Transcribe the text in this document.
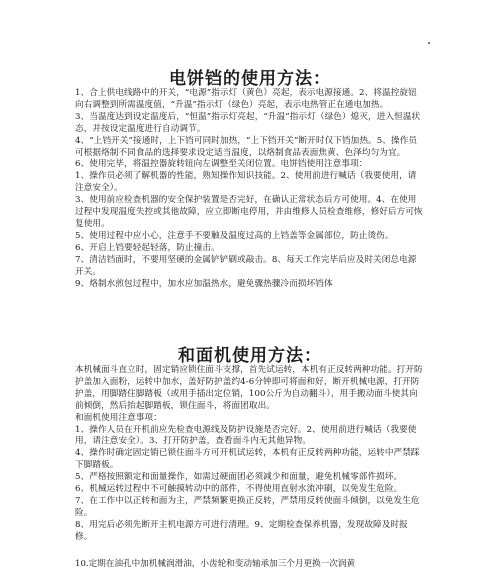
电饼铛的使用方法：

1、合上供电线路中的开关，“电源”指示灯（黄色）亮起，表示电源接通。2、将温控旋钮向右调整到所需温度值，“升温”指示灯（绿色）亮起，表示电热管正在通电加热。

3、当温度达到设定温度后，“恒温”指示灯亮起，“升温”指示灯（绿色）熄灭，进入恒温状态，并按设定温度进行自动调节。

4、“上铛开关”接通时，上下铛可同时加热，“上下铛开关”断开时仅下铛加热。5、操作员可根据烙制不同食品的选择要求设定适当温度，以烙制食品表面焦黄、色泽均匀为宜。

6、使用完毕，将温控器旋转钮向左调整至关闭位置。电饼铛使用注意事项：

1、操作员必须了解机器的性能，熟知操作知识技能。2、使用前进行喊话（我要使用，请注意安全）。

3、使用前应检查机器的安全保护装置是否完好，在确认正常状态后方可使用。4、在使用过程中发现温度失控或其他故障，应立即断电停用，并由维修人员检查维修，修好后方可恢复使用。

5、使用过程中应小心，注意手不要触及温度过高的上铛盖等金属部位，防止烫伤。

6、开启上铛要轻起轻落，防止撞击。

7、清洁铛面时，不要用坚硬的金属铲铲刷或敲击。8、每天工作完毕后应及时关闭总电源开关。

9、烙制水煎包过程中，加水应加温热水，避免骤热骤冷而损坏铛体

和面机使用方法：

本机械面斗直立时，固定销应锁住面斗支撑，首先试运转，本机有正反转两种功能。打开防护盖加入面粉，运转中加水，盖好防护盖约4-6分钟即可将面和好，断开机械电源，打开防护盖，用脚踏住脚踏板（或用手插出定位销，100公斤为自动翻斗），用手搬动面斗使其向前倾倒，然后抬起脚踏板，锁住面斗，将面团取出。

和面机使用注意事项：

1、操作人员在开机前应先检查电源线及防护设施是否完好。2、使用前进行喊话（我要使用，请注意安全）。3、打开防护盖，查看面斗内无其他异物。

4、操作时确定固定销已锁住面斗方可开机试运转，本机有正反转两种功能，运转中严禁踩下脚踏板。

5、严格按照额定和面量操作，如需过硬面团必须减少和面量，避免机械零部件损坏。

6、机械运转过程中不可触摸转动中的部件，不得使用直射水流冲刷，以免发生危险。

7、在工作中以正转和面为主，严禁频繁更换正反转，严禁用反转使面斗倾倒，以免发生危险。

8、用完后必须先断开主机电源方可进行清理。9、定期检查保养机器，发现故障及时报修。

10.定期在油孔中加机械润滑油，小齿轮和变动轴承加三个月更换一次润黄
